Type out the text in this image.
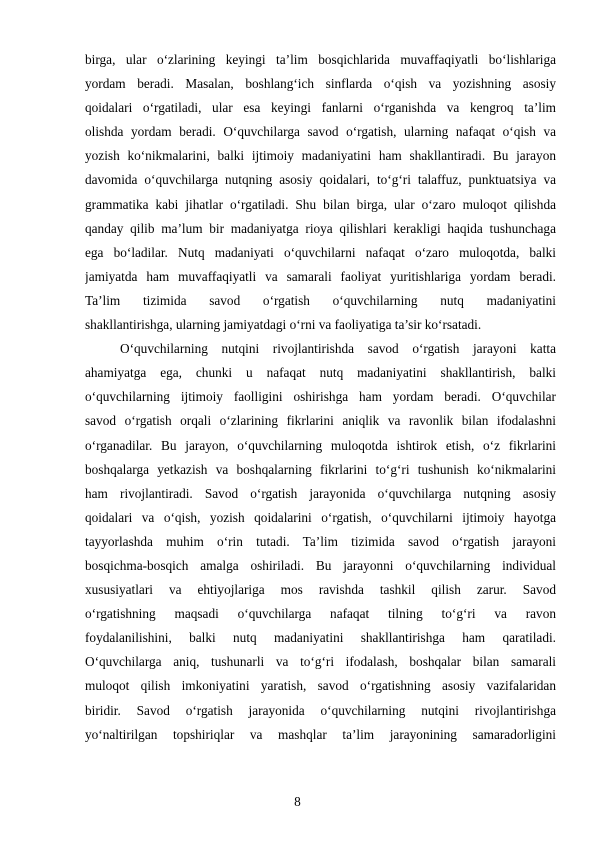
birga, ular o‘zlarining keyingi ta’lim bosqichlarida muvaffaqiyatli bo‘lishlariga
yordam beradi. Masalan, boshlang‘ich sinflarda o‘qish va yozishning asosiy
qoidalari o‘rgatiladi, ular esa keyingi fanlarni o‘rganishda va kengroq ta’lim
olishda yordam beradi. O‘quvchilarga savod o‘rgatish, ularning nafaqat o‘qish va
yozish ko‘nikmalarini, balki ijtimoiy madaniyatini ham shakllantiradi. Bu jarayon
davomida o‘quvchilarga nutqning asosiy qoidalari, to‘g‘ri talaffuz, punktuatsiya va
grammatika kabi jihatlar o‘rgatiladi. Shu bilan birga, ular o‘zaro muloqot qilishda
qanday qilib ma’lum bir madaniyatga rioya qilishlari kerakligi haqida tushunchaga
ega bo‘ladilar. Nutq madaniyati o‘quvchilarni nafaqat o‘zaro muloqotda, balki
jamiyatda ham muvaffaqiyatli va samarali faoliyat yuritishlariga yordam beradi.
Ta’lim tizimida savod o‘rgatish o‘quvchilarning nutq madaniyatini
shakllantirishga, ularning jamiyatdagi o‘rni va faoliyatiga ta’sir ko‘rsatadi.
O‘quvchilarning nutqini rivojlantirishda savod o‘rgatish jarayoni katta
ahamiyatga ega, chunki u nafaqat nutq madaniyatini shakllantirish, balki
o‘quvchilarning ijtimoiy faolligini oshirishga ham yordam beradi. O‘quvchilar
savod o‘rgatish orqali o‘zlarining fikrlarini aniqlik va ravonlik bilan ifodalashni
o‘rganadilar. Bu jarayon, o‘quvchilarning muloqotda ishtirok etish, o‘z fikrlarini
boshqalarga yetkazish va boshqalarning fikrlarini to‘g‘ri tushunish ko‘nikmalarini
ham rivojlantiradi. Savod o‘rgatish jarayonida o‘quvchilarga nutqning asosiy
qoidalari va o‘qish, yozish qoidalarini o‘rgatish, o‘quvchilarni ijtimoiy hayotga
tayyorlashda muhim o‘rin tutadi. Ta’lim tizimida savod o‘rgatish jarayoni
bosqichma-bosqich amalga oshiriladi. Bu jarayonni o‘quvchilarning individual
xususiyatlari va ehtiyojlariga mos ravishda tashkil qilish zarur. Savod
o‘rgatishning maqsadi o‘quvchilarga nafaqat tilning to‘g‘ri va ravon
foydalanilishini, balki nutq madaniyatini shakllantirishga ham qaratiladi.
O‘quvchilarga aniq, tushunarli va to‘g‘ri ifodalash, boshqalar bilan samarali
muloqot qilish imkoniyatini yaratish, savod o‘rgatishning asosiy vazifalaridan
biridir. Savod o‘rgatish jarayonida o‘quvchilarning nutqini rivojlantirishga
yo‘naltirilgan topshiriqlar va mashqlar ta’lim jarayonining samaradorligini
8
